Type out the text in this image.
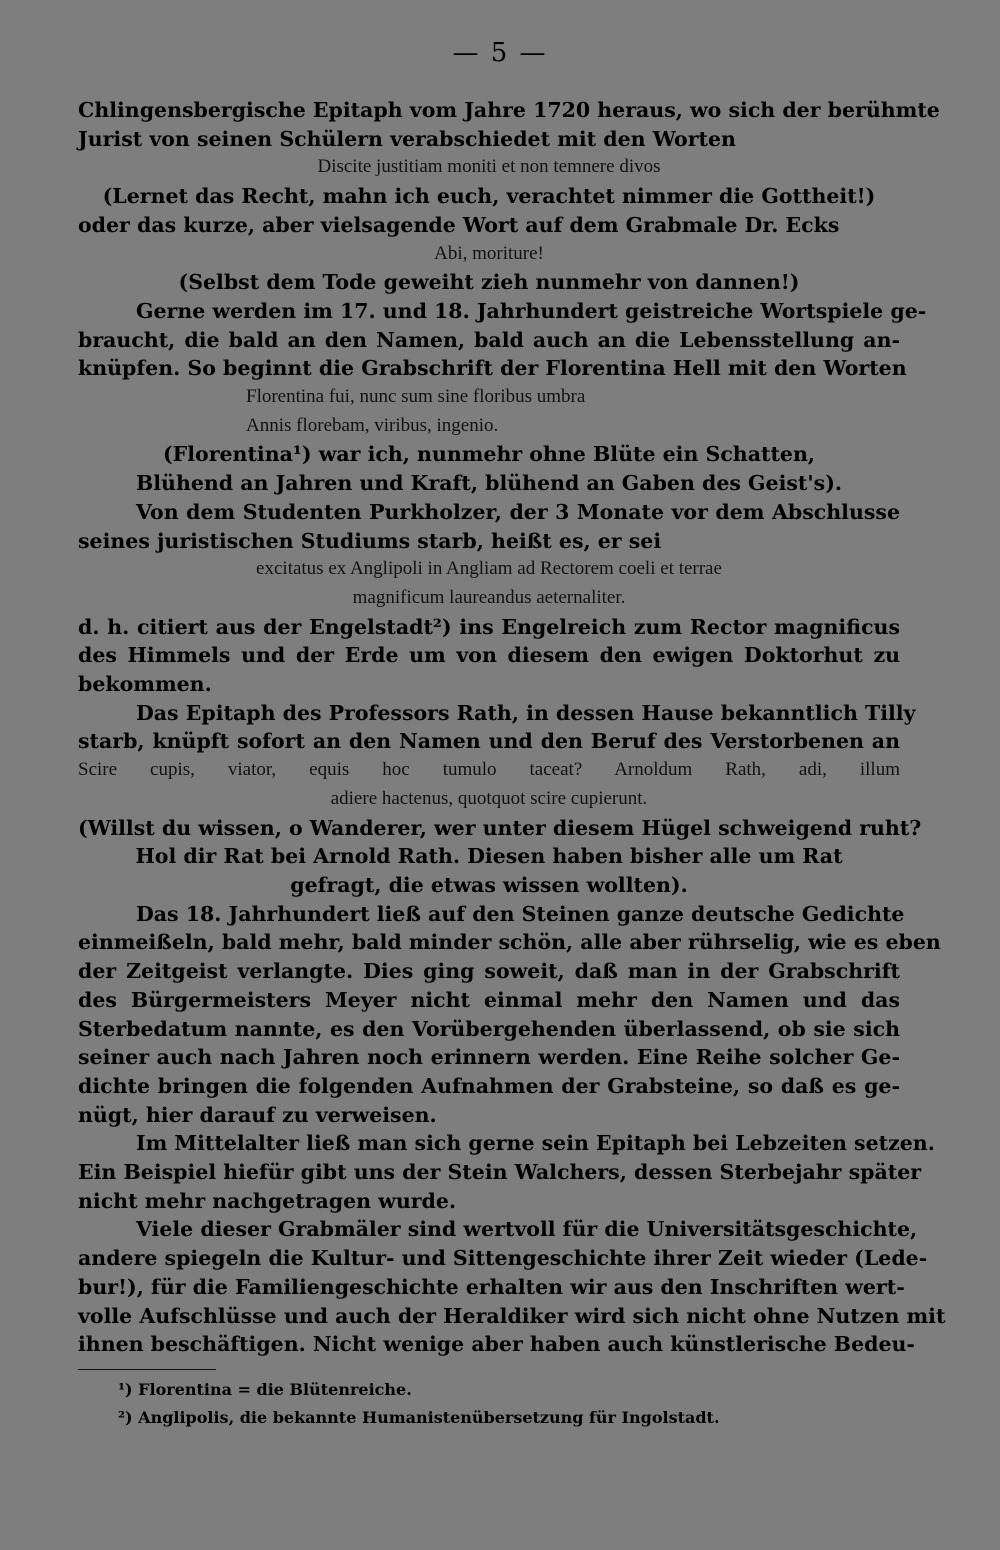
— 5 —
Chlingensbergische Epitaph vom Jahre 1720 heraus, wo sich der berühmte
Jurist von seinen Schülern verabschiedet mit den Worten
Discite justitiam moniti et non temnere divos
(Lernet das Recht, mahn ich euch, verachtet nimmer die Gottheit!)
oder das kurze, aber vielsagende Wort auf dem Grabmale Dr. Ecks
Abi, moriture!
(Selbst dem Tode geweiht zieh nunmehr von dannen!)
Gerne werden im 17. und 18. Jahrhundert geistreiche Wortspiele ge-
braucht, die bald an den Namen, bald auch an die Lebensstellung an-
knüpfen. So beginnt die Grabschrift der Florentina Hell mit den Worten
Florentina fui, nunc sum sine floribus umbra
Annis florebam, viribus, ingenio.
(Florentina¹) war ich, nunmehr ohne Blüte ein Schatten,
Blühend an Jahren und Kraft, blühend an Gaben des Geist's).
Von dem Studenten Purkholzer, der 3 Monate vor dem Abschlusse
seines juristischen Studiums starb, heißt es, er sei
excitatus ex Anglipoli in Angliam ad Rectorem coeli et terrae
magnificum laureandus aeternaliter.
d. h. citiert aus der Engelstadt²) ins Engelreich zum Rector magnificus
des Himmels und der Erde um von diesem den ewigen Doktorhut zu
bekommen.
Das Epitaph des Professors Rath, in dessen Hause bekanntlich Tilly
starb, knüpft sofort an den Namen und den Beruf des Verstorbenen an
Scire cupis, viator, equis hoc tumulo taceat? Arnoldum Rath, adi, illum
adiere hactenus, quotquot scire cupierunt.
(Willst du wissen, o Wanderer, wer unter diesem Hügel schweigend ruht?
Hol dir Rat bei Arnold Rath. Diesen haben bisher alle um Rat
gefragt, die etwas wissen wollten).
Das 18. Jahrhundert ließ auf den Steinen ganze deutsche Gedichte
einmeißeln, bald mehr, bald minder schön, alle aber rührselig, wie es eben
der Zeitgeist verlangte. Dies ging soweit, daß man in der Grabschrift
des Bürgermeisters Meyer nicht einmal mehr den Namen und das
Sterbedatum nannte, es den Vorübergehenden überlassend, ob sie sich
seiner auch nach Jahren noch erinnern werden. Eine Reihe solcher Ge-
dichte bringen die folgenden Aufnahmen der Grabsteine, so daß es ge-
nügt, hier darauf zu verweisen.
Im Mittelalter ließ man sich gerne sein Epitaph bei Lebzeiten setzen.
Ein Beispiel hiefür gibt uns der Stein Walchers, dessen Sterbejahr später
nicht mehr nachgetragen wurde.
Viele dieser Grabmäler sind wertvoll für die Universitätsgeschichte,
andere spiegeln die Kultur- und Sittengeschichte ihrer Zeit wieder (Lede-
bur!), für die Familiengeschichte erhalten wir aus den Inschriften wert-
volle Aufschlüsse und auch der Heraldiker wird sich nicht ohne Nutzen mit
ihnen beschäftigen. Nicht wenige aber haben auch künstlerische Bedeu-
¹) Florentina = die Blütenreiche.
²) Anglipolis, die bekannte Humanistenübersetzung für Ingolstadt.
